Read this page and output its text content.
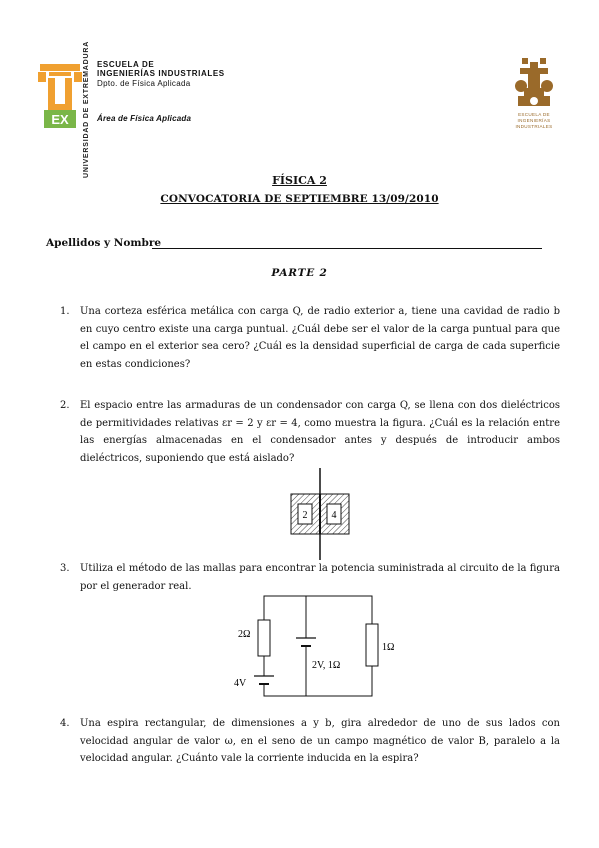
EX UNIVERSIDAD DE EXTREMADURA ESCUELA DE
INGENIERÍAS INDUSTRIALES
Dpto. de Física Aplicada
Área de Física Aplicada	ESCUELA DE
INGENIERÍAS
INDUSTRIALES
FÍSICA 2
CONVOCATORIA DE SEPTIEMBRE 13/09/2010
Apellidos y Nombre
PARTE 2
1. Una corteza esférica metálica con carga Q, de radio exterior a, tiene una cavidad de radio b en cuyo centro existe una carga puntual. ¿Cuál debe ser el valor de la carga puntual para que el campo en el exterior sea cero? ¿Cuál es la densidad superficial de carga de cada superficie en estas condiciones?
2. El espacio entre las armaduras de un condensador con carga Q, se llena con dos dieléctricos de permitividades relativas εr = 2 y εr = 4, como muestra la figura. ¿Cuál es la relación entre las energías almacenadas en el condensador antes y después de introducir ambos dieléctricos, suponiendo que está aislado?
2 4
3. Utiliza el método de las mallas para encontrar la potencia suministrada al circuito de la figura por el generador real.
2Ω
1Ω
4V
2V, 1Ω
4. Una espira rectangular, de dimensiones a y b, gira alrededor de uno de sus lados con velocidad angular de valor ω, en el seno de un campo magnético de valor B, paralelo a la velocidad angular. ¿Cuánto vale la corriente inducida en la espira?
